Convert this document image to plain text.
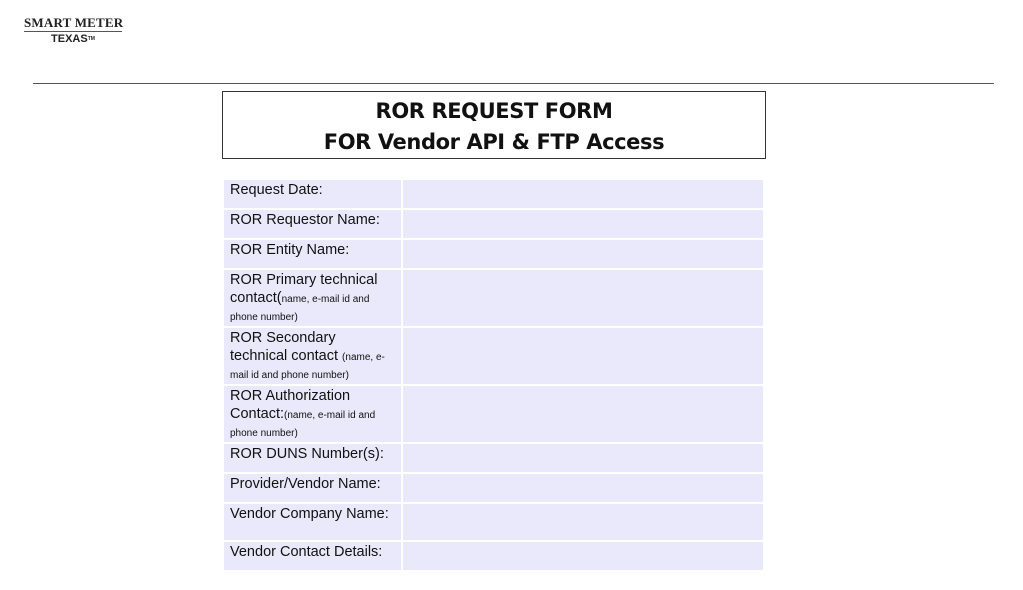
SMART METER
TEXAS™
ROR REQUEST FORM
FOR Vendor API & FTP Access
Request Date:	
ROR Requestor Name:	
ROR Entity Name:	
ROR Primary technical contact(name, e-mail id and phone number)	
ROR Secondary technical contact (name, e-mail id and phone number)	
ROR Authorization Contact:(name, e-mail id and phone number)	
ROR DUNS Number(s):	
Provider/Vendor Name:	
Vendor Company Name:	
Vendor Contact Details:	
